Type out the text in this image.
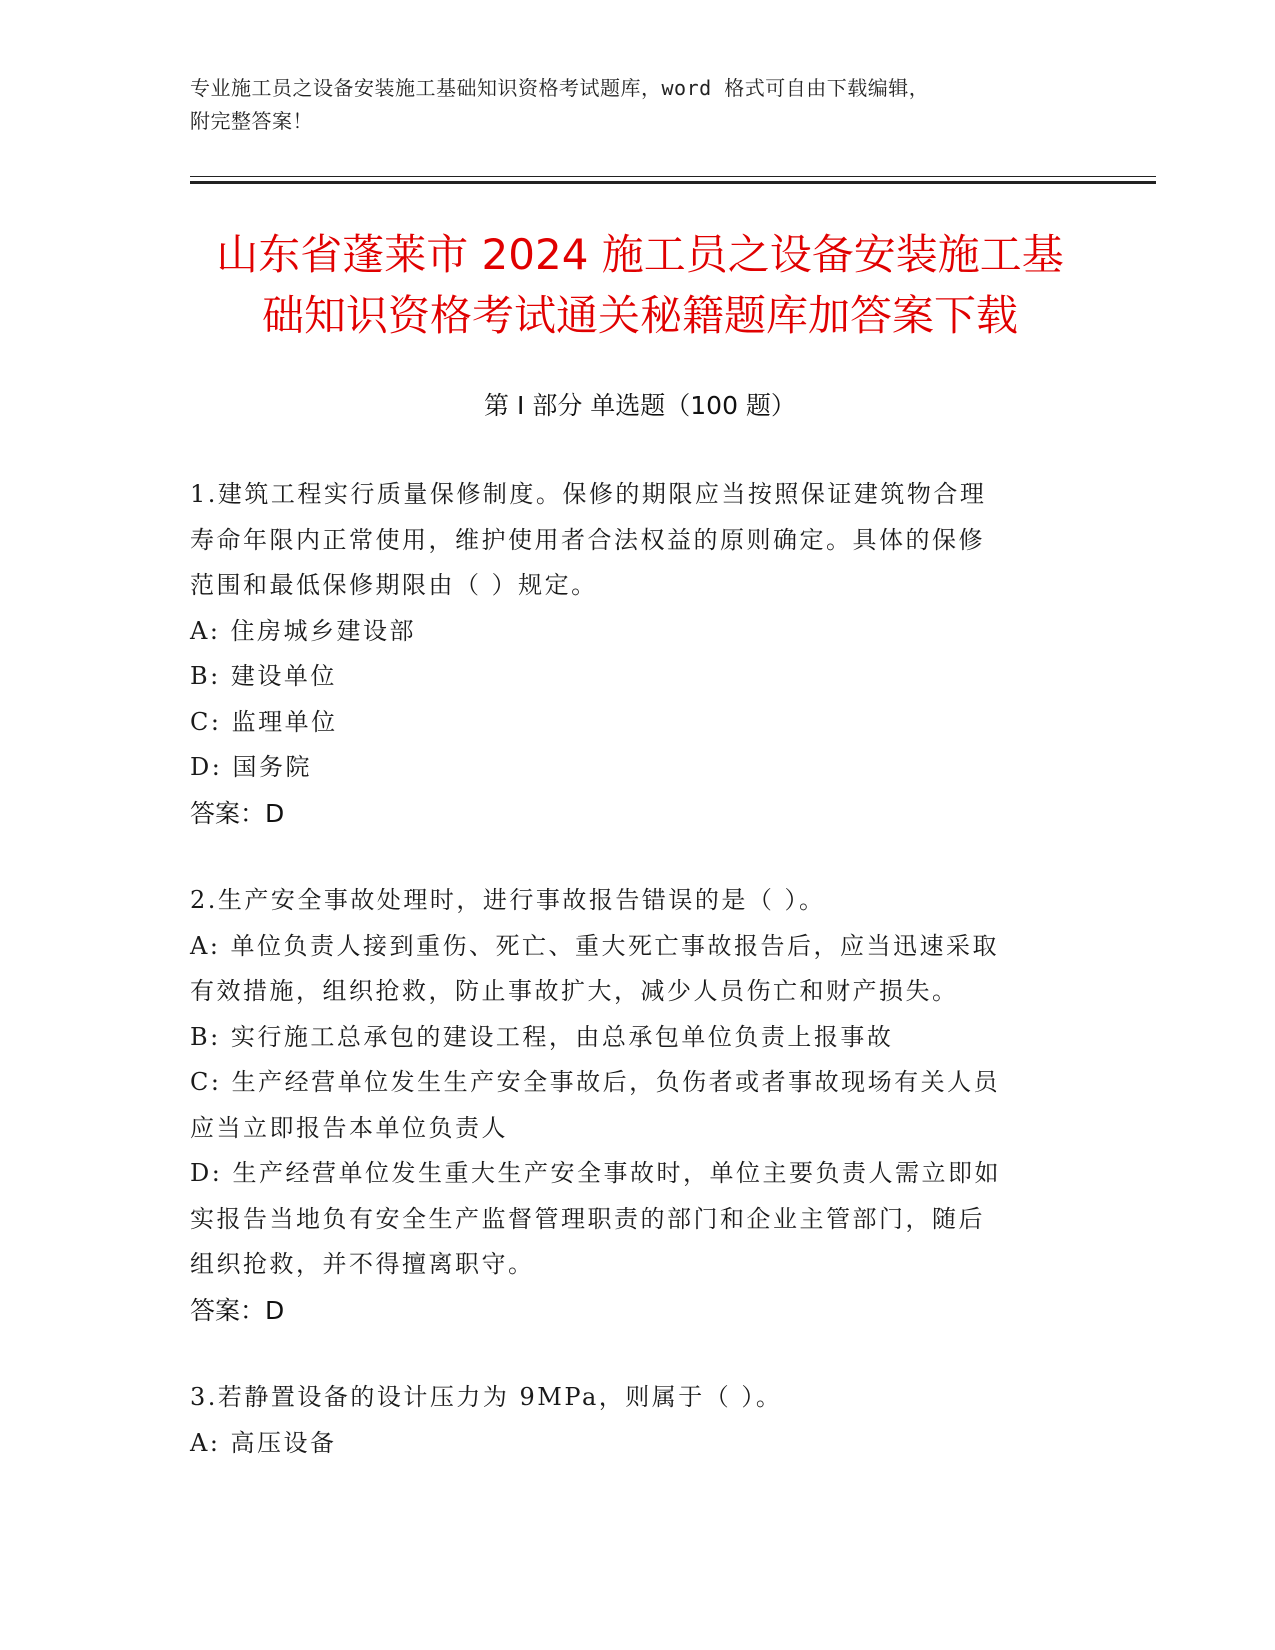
专业施工员之设备安装施工基础知识资格考试题库，word 格式可自由下载编辑，
附完整答案！
山东省蓬莱市 2024 施工员之设备安装施工基
础知识资格考试通关秘籍题库加答案下载
第 I 部分 单选题（100 题）
1.建筑工程实行质量保修制度。保修的期限应当按照保证建筑物合理
寿命年限内正常使用，维护使用者合法权益的原则确定。具体的保修
范围和最低保修期限由（ ）规定。
A: 住房城乡建设部
B: 建设单位
C: 监理单位
D: 国务院
答案：D
2.生产安全事故处理时，进行事故报告错误的是（ ）。
A: 单位负责人接到重伤、死亡、重大死亡事故报告后，应当迅速采取
有效措施，组织抢救，防止事故扩大，减少人员伤亡和财产损失。
B: 实行施工总承包的建设工程，由总承包单位负责上报事故
C: 生产经营单位发生生产安全事故后，负伤者或者事故现场有关人员
应当立即报告本单位负责人
D: 生产经营单位发生重大生产安全事故时，单位主要负责人需立即如
实报告当地负有安全生产监督管理职责的部门和企业主管部门，随后
组织抢救，并不得擅离职守。
答案：D
3.若静置设备的设计压力为 9MPa，则属于（ ）。
A: 高压设备
